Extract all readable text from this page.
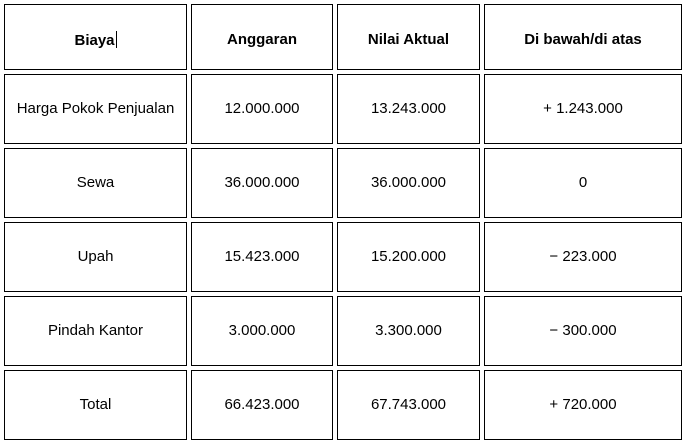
Biaya	Anggaran	Nilai Aktual	Di bawah/di atas
Harga Pokok Penjualan	12.000.000	13.243.000	+ 1.243.000
Sewa	36.000.000	36.000.000	0
Upah	15.423.000	15.200.000	− 223.000
Pindah Kantor	3.000.000	3.300.000	− 300.000
Total	66.423.000	67.743.000	+ 720.000
